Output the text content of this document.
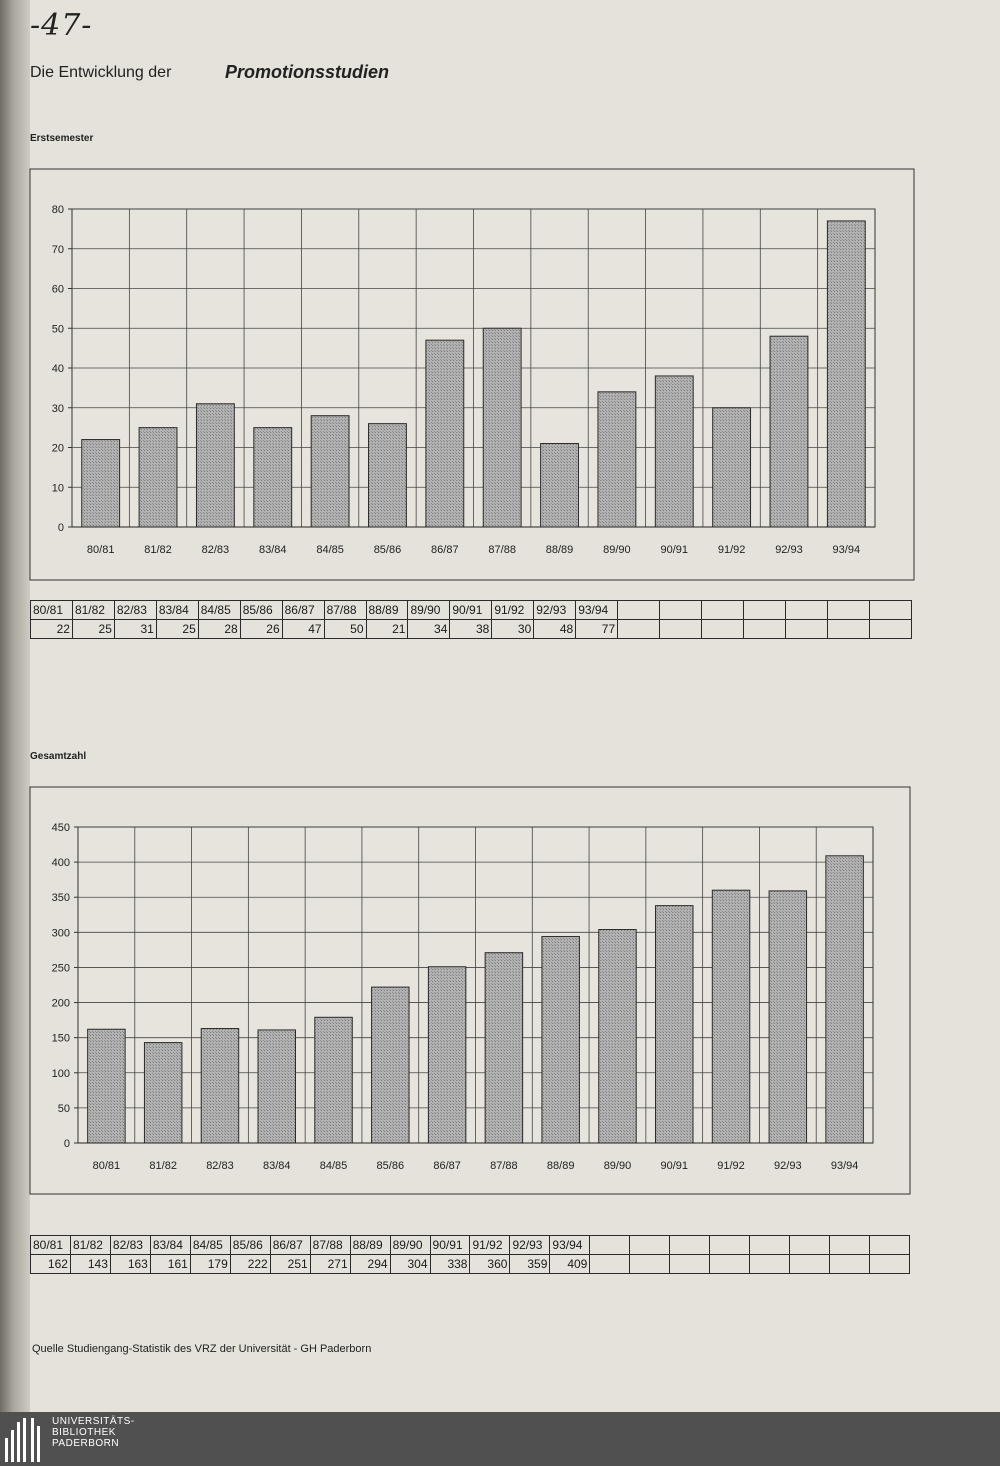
-47-
Die Entwicklung der	Promotionsstudien
Erstsemester
Gesamtzahl
0
10
20
30
40
50
60
70
80
80/81	81/82	82/83	83/84	84/85	85/86	86/87	87/88	88/89	89/90	90/91	91/92	92/93	93/94
0
50
100
150
200
250
300
350
400
450
80/81	81/82	82/83	83/84	84/85	85/86	86/87	87/88	88/89	89/90	90/91	91/92	92/93	93/94
80/81	81/82	82/83	83/84	84/85	85/86	86/87	87/88	88/89	89/90	90/91	91/92	92/93	93/94							
22	25	31	25	28	26	47	50	21	34	38	30	48	77							
80/81	81/82	82/83	83/84	84/85	85/86	86/87	87/88	88/89	89/90	90/91	91/92	92/93	93/94								
162	143	163	161	179	222	251	271	294	304	338	360	359	409								
Quelle Studiengang-Statistik des VRZ der Universität - GH Paderborn
UNIVERSITÄTS-
BIBLIOTHEK
PADERBORN
